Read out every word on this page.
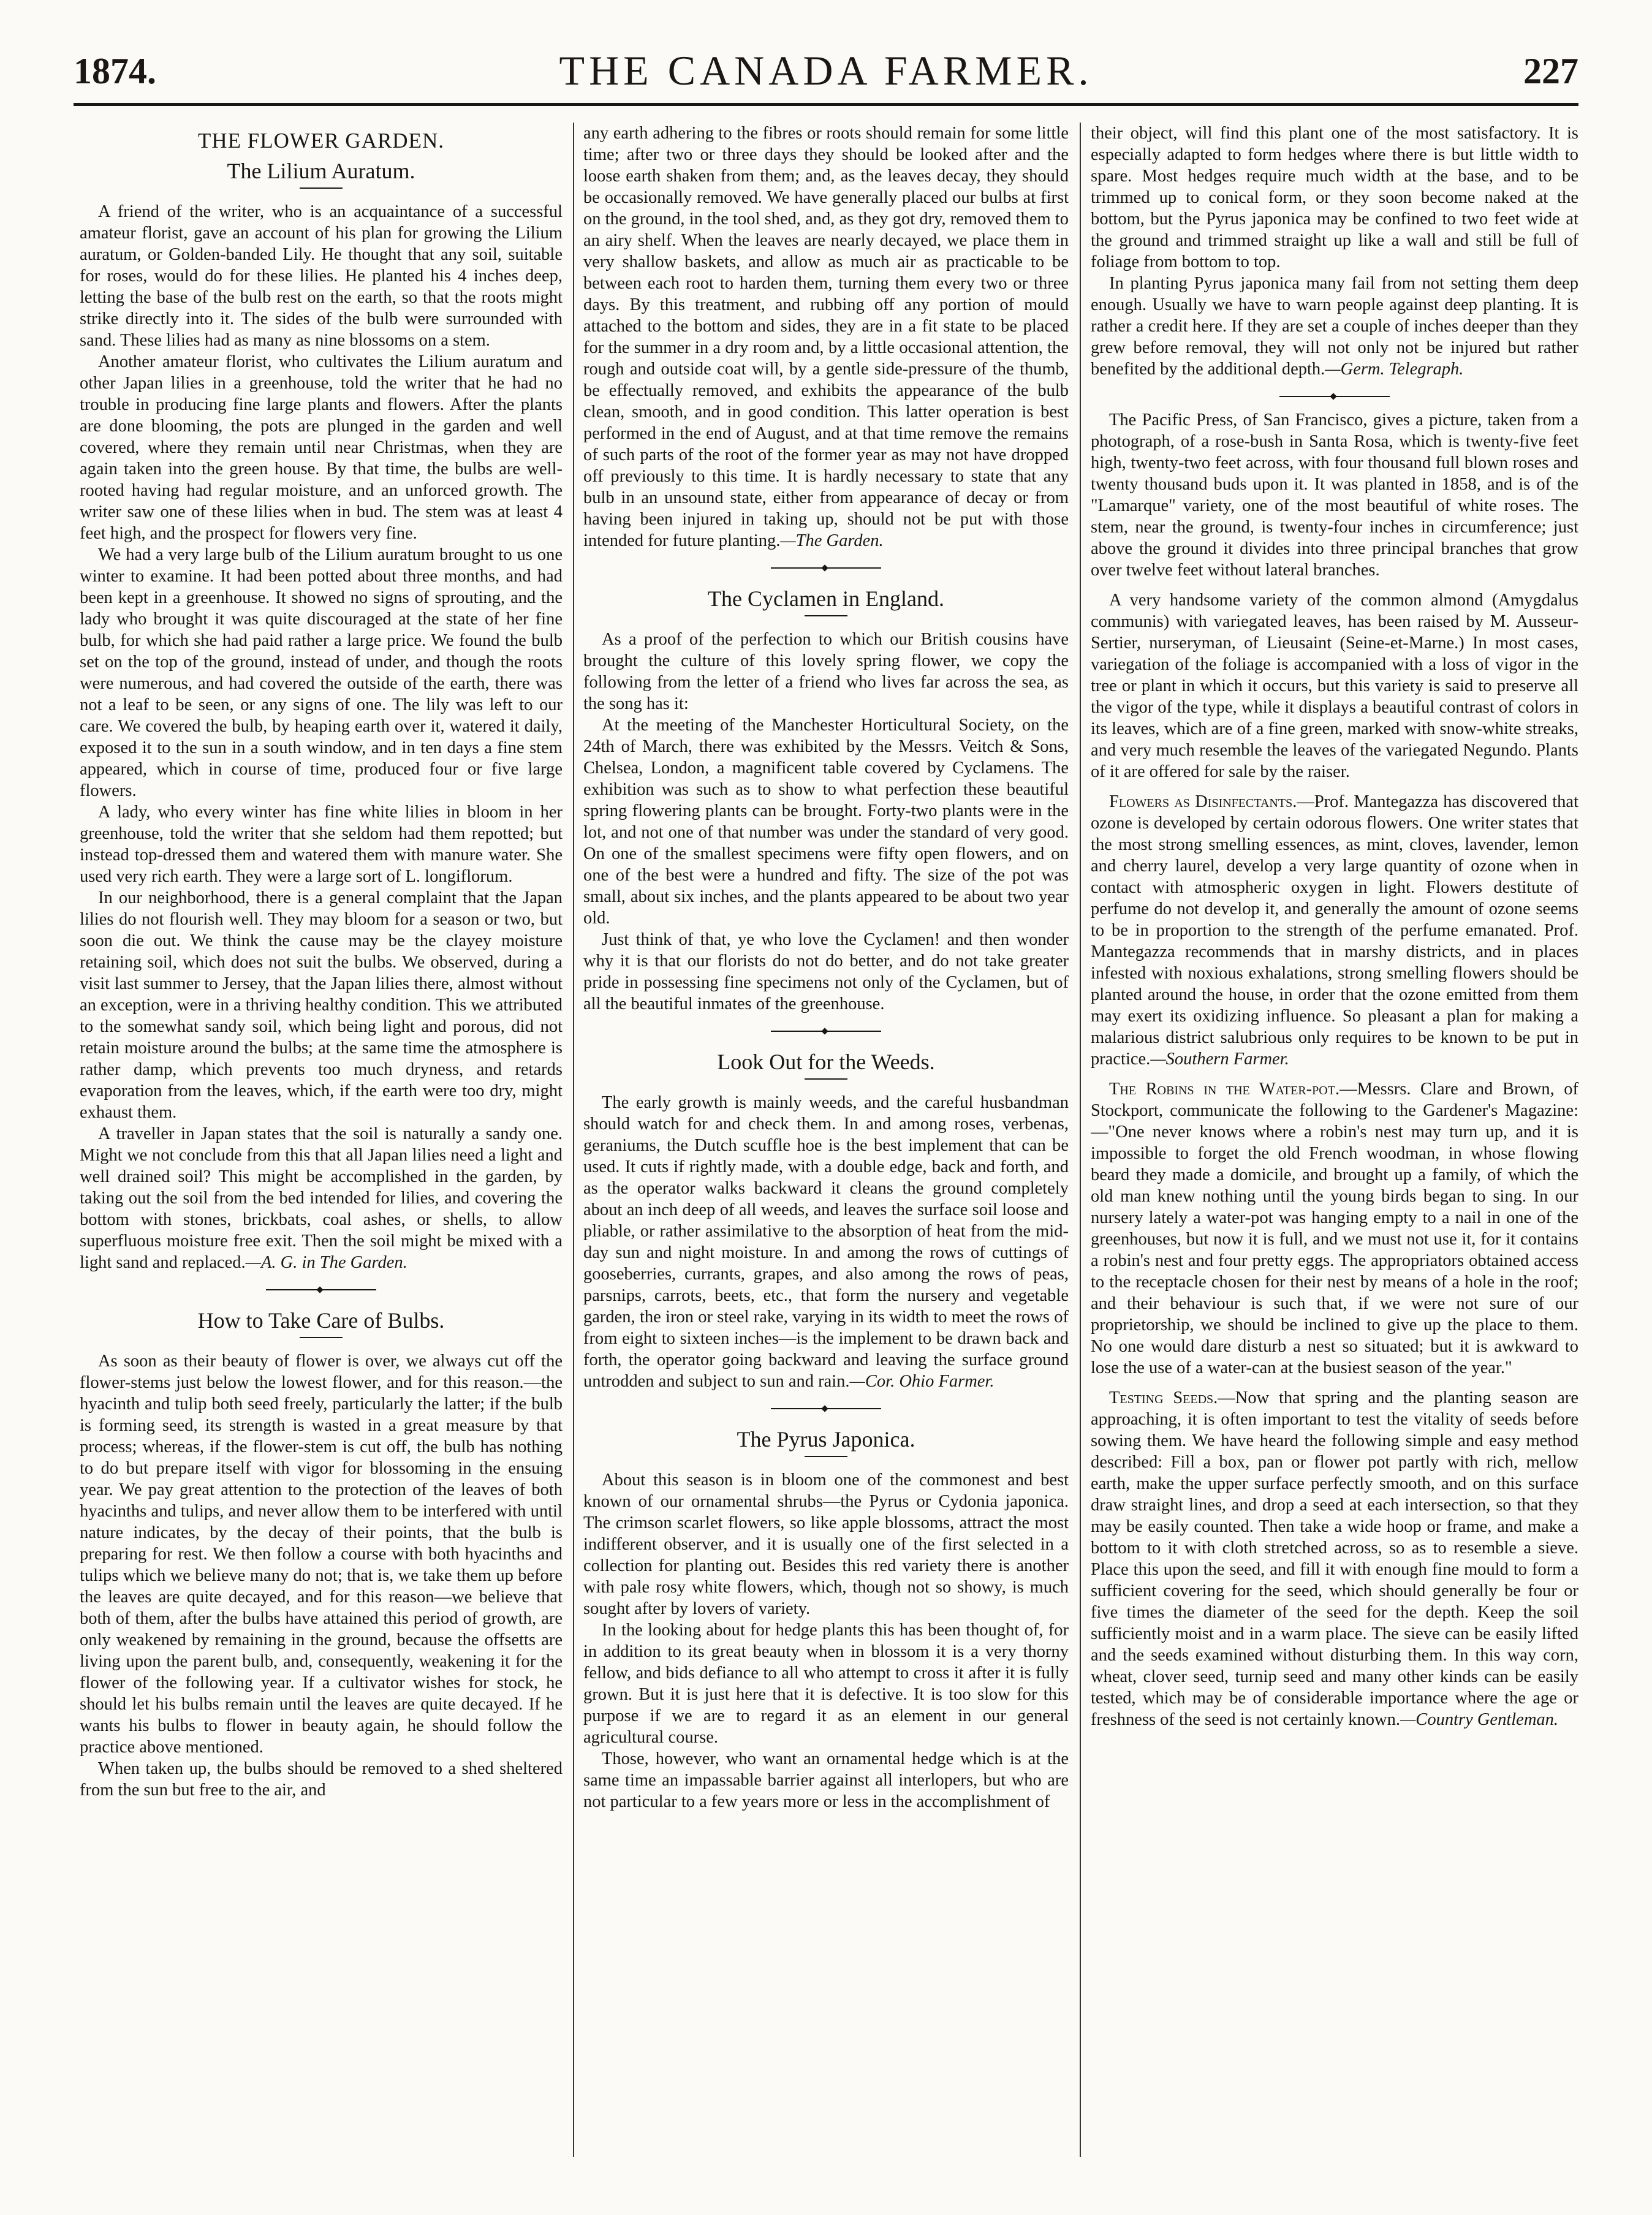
1874.	THE CANADA FARMER.	227
THE FLOWER GARDEN.
The Lilium Auratum.

A friend of the writer, who is an acquaintance of a successful amateur florist, gave an account of his plan for growing the Lilium auratum, or Golden-banded Lily. He thought that any soil, suitable for roses, would do for these lilies. He planted his 4 inches deep, letting the base of the bulb rest on the earth, so that the roots might strike directly into it. The sides of the bulb were surrounded with sand. These lilies had as many as nine blossoms on a stem.

Another amateur florist, who cultivates the Lilium auratum and other Japan lilies in a greenhouse, told the writer that he had no trouble in producing fine large plants and flowers. After the plants are done blooming, the pots are plunged in the garden and well covered, where they remain until near Christmas, when they are again taken into the green house. By that time, the bulbs are well-rooted having had regular moisture, and an unforced growth. The writer saw one of these lilies when in bud. The stem was at least 4 feet high, and the prospect for flowers very fine.

We had a very large bulb of the Lilium auratum brought to us one winter to examine. It had been potted about three months, and had been kept in a greenhouse. It showed no signs of sprouting, and the lady who brought it was quite discouraged at the state of her fine bulb, for which she had paid rather a large price. We found the bulb set on the top of the ground, instead of under, and though the roots were numerous, and had covered the outside of the earth, there was not a leaf to be seen, or any signs of one. The lily was left to our care. We covered the bulb, by heaping earth over it, watered it daily, exposed it to the sun in a south window, and in ten days a fine stem appeared, which in course of time, produced four or five large flowers.

A lady, who every winter has fine white lilies in bloom in her greenhouse, told the writer that she seldom had them repotted; but instead top-dressed them and watered them with manure water. She used very rich earth. They were a large sort of L. longiflorum.

In our neighborhood, there is a general complaint that the Japan lilies do not flourish well. They may bloom for a season or two, but soon die out. We think the cause may be the clayey moisture retaining soil, which does not suit the bulbs. We observed, during a visit last summer to Jersey, that the Japan lilies there, almost without an exception, were in a thriving healthy condition. This we attributed to the somewhat sandy soil, which being light and porous, did not retain moisture around the bulbs; at the same time the atmosphere is rather damp, which prevents too much dryness, and retards evaporation from the leaves, which, if the earth were too dry, might exhaust them.

A traveller in Japan states that the soil is naturally a sandy one. Might we not conclude from this that all Japan lilies need a light and well drained soil? This might be accomplished in the garden, by taking out the soil from the bed intended for lilies, and covering the bottom with stones, brickbats, coal ashes, or shells, to allow superfluous moisture free exit. Then the soil might be mixed with a light sand and replaced.—A. G. in The Garden.

How to Take Care of Bulbs.

As soon as their beauty of flower is over, we always cut off the flower-stems just below the lowest flower, and for this reason.—the hyacinth and tulip both seed freely, particularly the latter; if the bulb is forming seed, its strength is wasted in a great measure by that process; whereas, if the flower-stem is cut off, the bulb has nothing to do but prepare itself with vigor for blossoming in the ensuing year. We pay great attention to the protection of the leaves of both hyacinths and tulips, and never allow them to be interfered with until nature indicates, by the decay of their points, that the bulb is preparing for rest. We then follow a course with both hyacinths and tulips which we believe many do not; that is, we take them up before the leaves are quite decayed, and for this reason—we believe that both of them, after the bulbs have attained this period of growth, are only weakened by remaining in the ground, because the offsetts are living upon the parent bulb, and, consequently, weakening it for the flower of the following year. If a cultivator wishes for stock, he should let his bulbs remain until the leaves are quite decayed. If he wants his bulbs to flower in beauty again, he should follow the practice above mentioned.

When taken up, the bulbs should be removed to a shed sheltered from the sun but free to the air, and

any earth adhering to the fibres or roots should remain for some little time; after two or three days they should be looked after and the loose earth shaken from them; and, as the leaves decay, they should be occasionally removed. We have generally placed our bulbs at first on the ground, in the tool shed, and, as they got dry, removed them to an airy shelf. When the leaves are nearly decayed, we place them in very shallow baskets, and allow as much air as practicable to be between each root to harden them, turning them every two or three days. By this treatment, and rubbing off any portion of mould attached to the bottom and sides, they are in a fit state to be placed for the summer in a dry room and, by a little occasional attention, the rough and outside coat will, by a gentle side-pressure of the thumb, be effectually removed, and exhibits the appearance of the bulb clean, smooth, and in good condition. This latter operation is best performed in the end of August, and at that time remove the remains of such parts of the root of the former year as may not have dropped off previously to this time. It is hardly necessary to state that any bulb in an unsound state, either from appearance of decay or from having been injured in taking up, should not be put with those intended for future planting.—The Garden.

The Cyclamen in England.

As a proof of the perfection to which our British cousins have brought the culture of this lovely spring flower, we copy the following from the letter of a friend who lives far across the sea, as the song has it:

At the meeting of the Manchester Horticultural Society, on the 24th of March, there was exhibited by the Messrs. Veitch & Sons, Chelsea, London, a magnificent table covered by Cyclamens. The exhibition was such as to show to what perfection these beautiful spring flowering plants can be brought. Forty-two plants were in the lot, and not one of that number was under the standard of very good. On one of the smallest specimens were fifty open flowers, and on one of the best were a hundred and fifty. The size of the pot was small, about six inches, and the plants appeared to be about two year old.

Just think of that, ye who love the Cyclamen! and then wonder why it is that our florists do not do better, and do not take greater pride in possessing fine specimens not only of the Cyclamen, but of all the beautiful inmates of the greenhouse.

Look Out for the Weeds.

The early growth is mainly weeds, and the careful husbandman should watch for and check them. In and among roses, verbenas, geraniums, the Dutch scuffle hoe is the best implement that can be used. It cuts if rightly made, with a double edge, back and forth, and as the operator walks backward it cleans the ground completely about an inch deep of all weeds, and leaves the surface soil loose and pliable, or rather assimilative to the absorption of heat from the mid-day sun and night moisture. In and among the rows of cuttings of gooseberries, currants, grapes, and also among the rows of peas, parsnips, carrots, beets, etc., that form the nursery and vegetable garden, the iron or steel rake, varying in its width to meet the rows of from eight to sixteen inches—is the implement to be drawn back and forth, the operator going backward and leaving the surface ground untrodden and subject to sun and rain.—Cor. Ohio Farmer.

The Pyrus Japonica.

About this season is in bloom one of the commonest and best known of our ornamental shrubs—the Pyrus or Cydonia japonica. The crimson scarlet flowers, so like apple blossoms, attract the most indifferent observer, and it is usually one of the first selected in a collection for planting out. Besides this red variety there is another with pale rosy white flowers, which, though not so showy, is much sought after by lovers of variety.

In the looking about for hedge plants this has been thought of, for in addition to its great beauty when in blossom it is a very thorny fellow, and bids defiance to all who attempt to cross it after it is fully grown. But it is just here that it is defective. It is too slow for this purpose if we are to regard it as an element in our general agricultural course.

Those, however, who want an ornamental hedge which is at the same time an impassable barrier against all interlopers, but who are not particular to a few years more or less in the accomplishment of

their object, will find this plant one of the most satisfactory. It is especially adapted to form hedges where there is but little width to spare. Most hedges require much width at the base, and to be trimmed up to conical form, or they soon become naked at the bottom, but the Pyrus japonica may be confined to two feet wide at the ground and trimmed straight up like a wall and still be full of foliage from bottom to top.

In planting Pyrus japonica many fail from not setting them deep enough. Usually we have to warn people against deep planting. It is rather a credit here. If they are set a couple of inches deeper than they grew before removal, they will not only not be injured but rather benefited by the additional depth.—Germ. Telegraph.

The Pacific Press, of San Francisco, gives a picture, taken from a photograph, of a rose-bush in Santa Rosa, which is twenty-five feet high, twenty-two feet across, with four thousand full blown roses and twenty thousand buds upon it. It was planted in 1858, and is of the "Lamarque" variety, one of the most beautiful of white roses. The stem, near the ground, is twenty-four inches in circumference; just above the ground it divides into three principal branches that grow over twelve feet without lateral branches.

A very handsome variety of the common almond (Amygdalus communis) with variegated leaves, has been raised by M. Ausseur-Sertier, nurseryman, of Lieusaint (Seine-et-Marne.) In most cases, variegation of the foliage is accompanied with a loss of vigor in the tree or plant in which it occurs, but this variety is said to preserve all the vigor of the type, while it displays a beautiful contrast of colors in its leaves, which are of a fine green, marked with snow-white streaks, and very much resemble the leaves of the variegated Negundo. Plants of it are offered for sale by the raiser.

Flowers as Disinfectants.—Prof. Mantegazza has discovered that ozone is developed by certain odorous flowers. One writer states that the most strong smelling essences, as mint, cloves, lavender, lemon and cherry laurel, develop a very large quantity of ozone when in contact with atmospheric oxygen in light. Flowers destitute of perfume do not develop it, and generally the amount of ozone seems to be in proportion to the strength of the perfume emanated. Prof. Mantegazza recommends that in marshy districts, and in places infested with noxious exhalations, strong smelling flowers should be planted around the house, in order that the ozone emitted from them may exert its oxidizing influence. So pleasant a plan for making a malarious district salubrious only requires to be known to be put in practice.—Southern Farmer.

The Robins in the Water-pot.—Messrs. Clare and Brown, of Stockport, communicate the following to the Gardener's Magazine:—"One never knows where a robin's nest may turn up, and it is impossible to forget the old French woodman, in whose flowing beard they made a domicile, and brought up a family, of which the old man knew nothing until the young birds began to sing. In our nursery lately a water-pot was hanging empty to a nail in one of the greenhouses, but now it is full, and we must not use it, for it contains a robin's nest and four pretty eggs. The appropriators obtained access to the receptacle chosen for their nest by means of a hole in the roof; and their behaviour is such that, if we were not sure of our proprietorship, we should be inclined to give up the place to them. No one would dare disturb a nest so situated; but it is awkward to lose the use of a water-can at the busiest season of the year."

Testing Seeds.—Now that spring and the planting season are approaching, it is often important to test the vitality of seeds before sowing them. We have heard the following simple and easy method described: Fill a box, pan or flower pot partly with rich, mellow earth, make the upper surface perfectly smooth, and on this surface draw straight lines, and drop a seed at each intersection, so that they may be easily counted. Then take a wide hoop or frame, and make a bottom to it with cloth stretched across, so as to resemble a sieve. Place this upon the seed, and fill it with enough fine mould to form a sufficient covering for the seed, which should generally be four or five times the diameter of the seed for the depth. Keep the soil sufficiently moist and in a warm place. The sieve can be easily lifted and the seeds examined without disturbing them. In this way corn, wheat, clover seed, turnip seed and many other kinds can be easily tested, which may be of considerable importance where the age or freshness of the seed is not certainly known.—Country Gentleman.
